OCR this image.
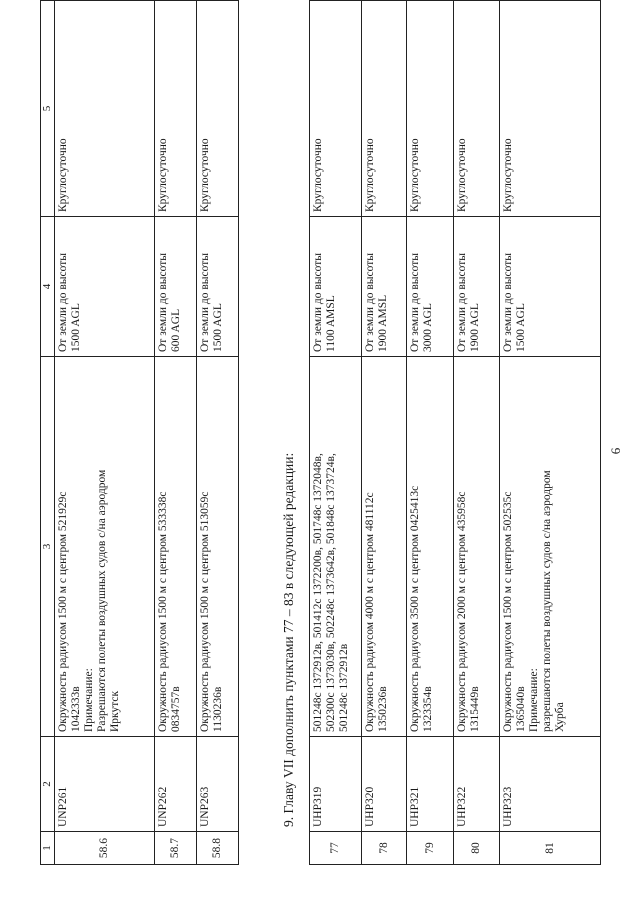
6
1	2	3	4	5
58.6	UNP261	Окружность радиусом 1500 м с центром 521929с 1042333в Примечание: Разрешаются полеты воздушных судов с/на аэродром Иркутск	От земли до высоты 1500 AGL	Круглосуточно
58.7	UNP262	Окружность радиусом 1500 м с центром 533338с 0834757в	От земли до высоты 600 AGL	Круглосуточно
58.8	UNP263	Окружность радиусом 1500 м с центром 513059с 1130236в	От земли до высоты 1500 AGL	Круглосуточно
9. Главу VII дополнить пунктами 77 – 83 в следующей редакции:
77	UHP319	501248с 1372912в, 501412с 1372200в, 501748с 1372048в, 502300с 1373030в, 502248с 1373642в, 501848с 1373724в, 501248с 1372912в	От земли до высоты 1100 AMSL	Круглосуточно
78	UHP320	Окружность радиусом 4000 м с центром 481112с 1350236в	От земли до высоты 1900 AMSL	Круглосуточно
79	UHP321	Окружность радиусом 3500 м с центром 0425413с 1323354в	От земли до высоты 3000 AGL	Круглосуточно
80	UHP322	Окружность радиусом 2000 м с центром 435958с 1315449в	От земли до высоты 1900 AGL	Круглосуточно
81	UHP323	Окружность радиусом 1500 м с центром 502535с 1365040в Примечание: разрешаются полеты воздушных судов с/на аэродром Хурба	От земли до высоты 1500 AGL	Круглосуточно
